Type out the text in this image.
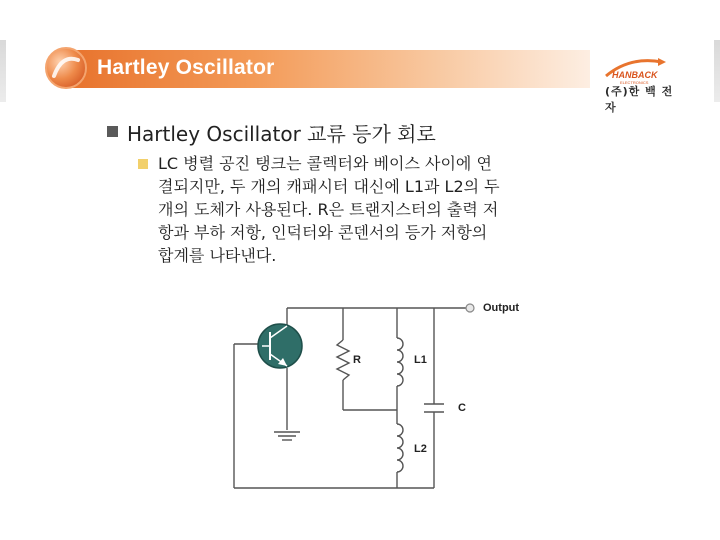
Hartley Oscillator	HANBACK
ELECTRONICS
(주)한 백 전 자
Hartley Oscillator 교류 등가 회로
LC 병렬 공진 탱크는 콜렉터와 베이스 사이에 연
결되지만, 두 개의 캐패시터 대신에 L1과 L2의 두
개의 도체가 사용된다. R은 트랜지스터의 출력 저
항과 부하 저항, 인덕터와 콘덴서의 등가 저항의
합계를 나타낸다.
Output
R	L1
C
L2
